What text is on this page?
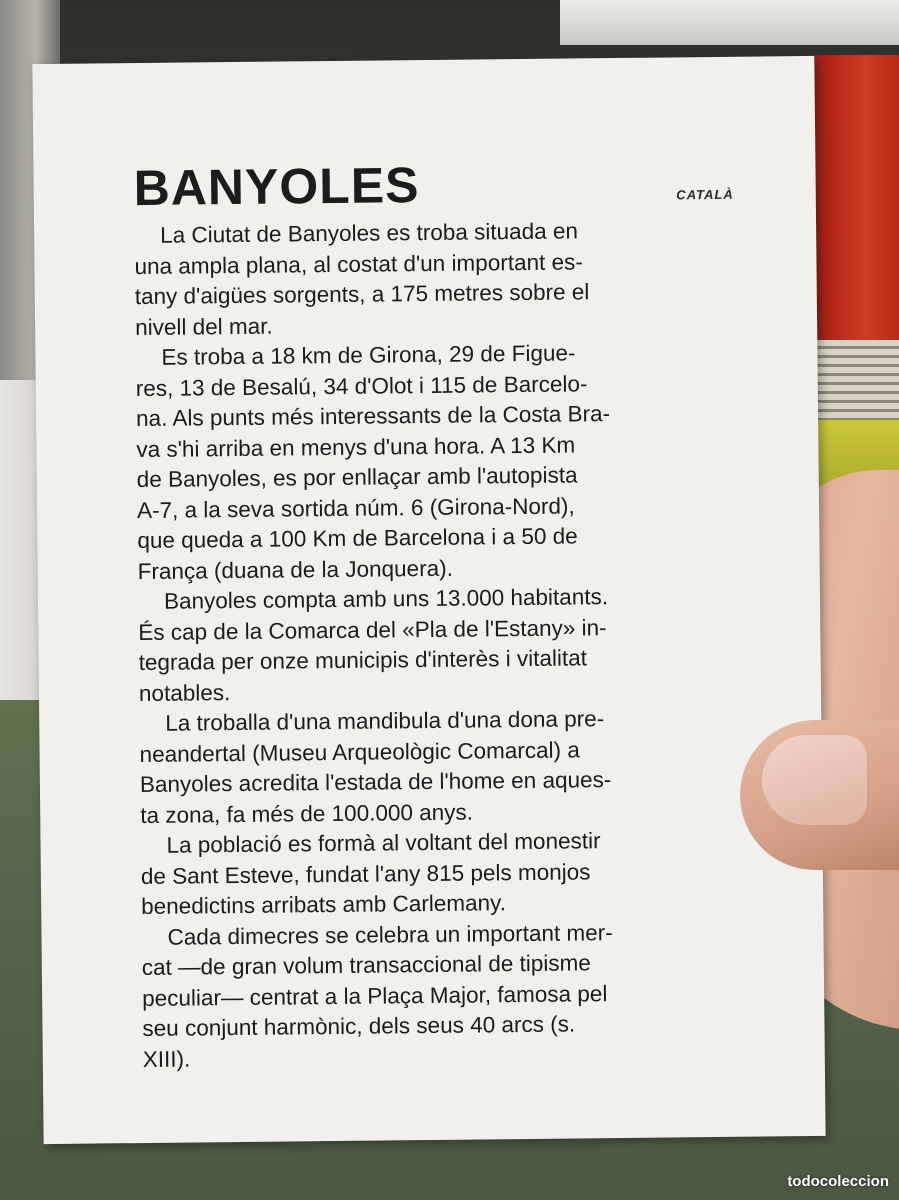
BANYOLES	CATALÀ
La Ciutat de Banyoles es troba situada en
una ampla plana, al costat d'un important es-
tany d'aigües sorgents, a 175 metres sobre el
nivell del mar.
Es troba a 18 km de Girona, 29 de Figue-
res, 13 de Besalú, 34 d'Olot i 115 de Barcelo-
na. Als punts més interessants de la Costa Bra-
va s'hi arriba en menys d'una hora. A 13 Km
de Banyoles, es por enllaçar amb l'autopista
A-7, a la seva sortida núm. 6 (Girona-Nord),
que queda a 100 Km de Barcelona i a 50 de
França (duana de la Jonquera).
Banyoles compta amb uns 13.000 habitants.
És cap de la Comarca del «Pla de l'Estany» in-
tegrada per onze municipis d'interès i vitalitat
notables.
La troballa d'una mandibula d'una dona pre-
neandertal (Museu Arqueològic Comarcal) a
Banyoles acredita l'estada de l'home en aques-
ta zona, fa més de 100.000 anys.
La població es formà al voltant del monestir
de Sant Esteve, fundat l'any 815 pels monjos
benedictins arribats amb Carlemany.
Cada dimecres se celebra un important mer-
cat —de gran volum transaccional de tipisme
peculiar— centrat a la Plaça Major, famosa pel
seu conjunt harmònic, dels seus 40 arcs (s.
XIII).
todocoleccion
